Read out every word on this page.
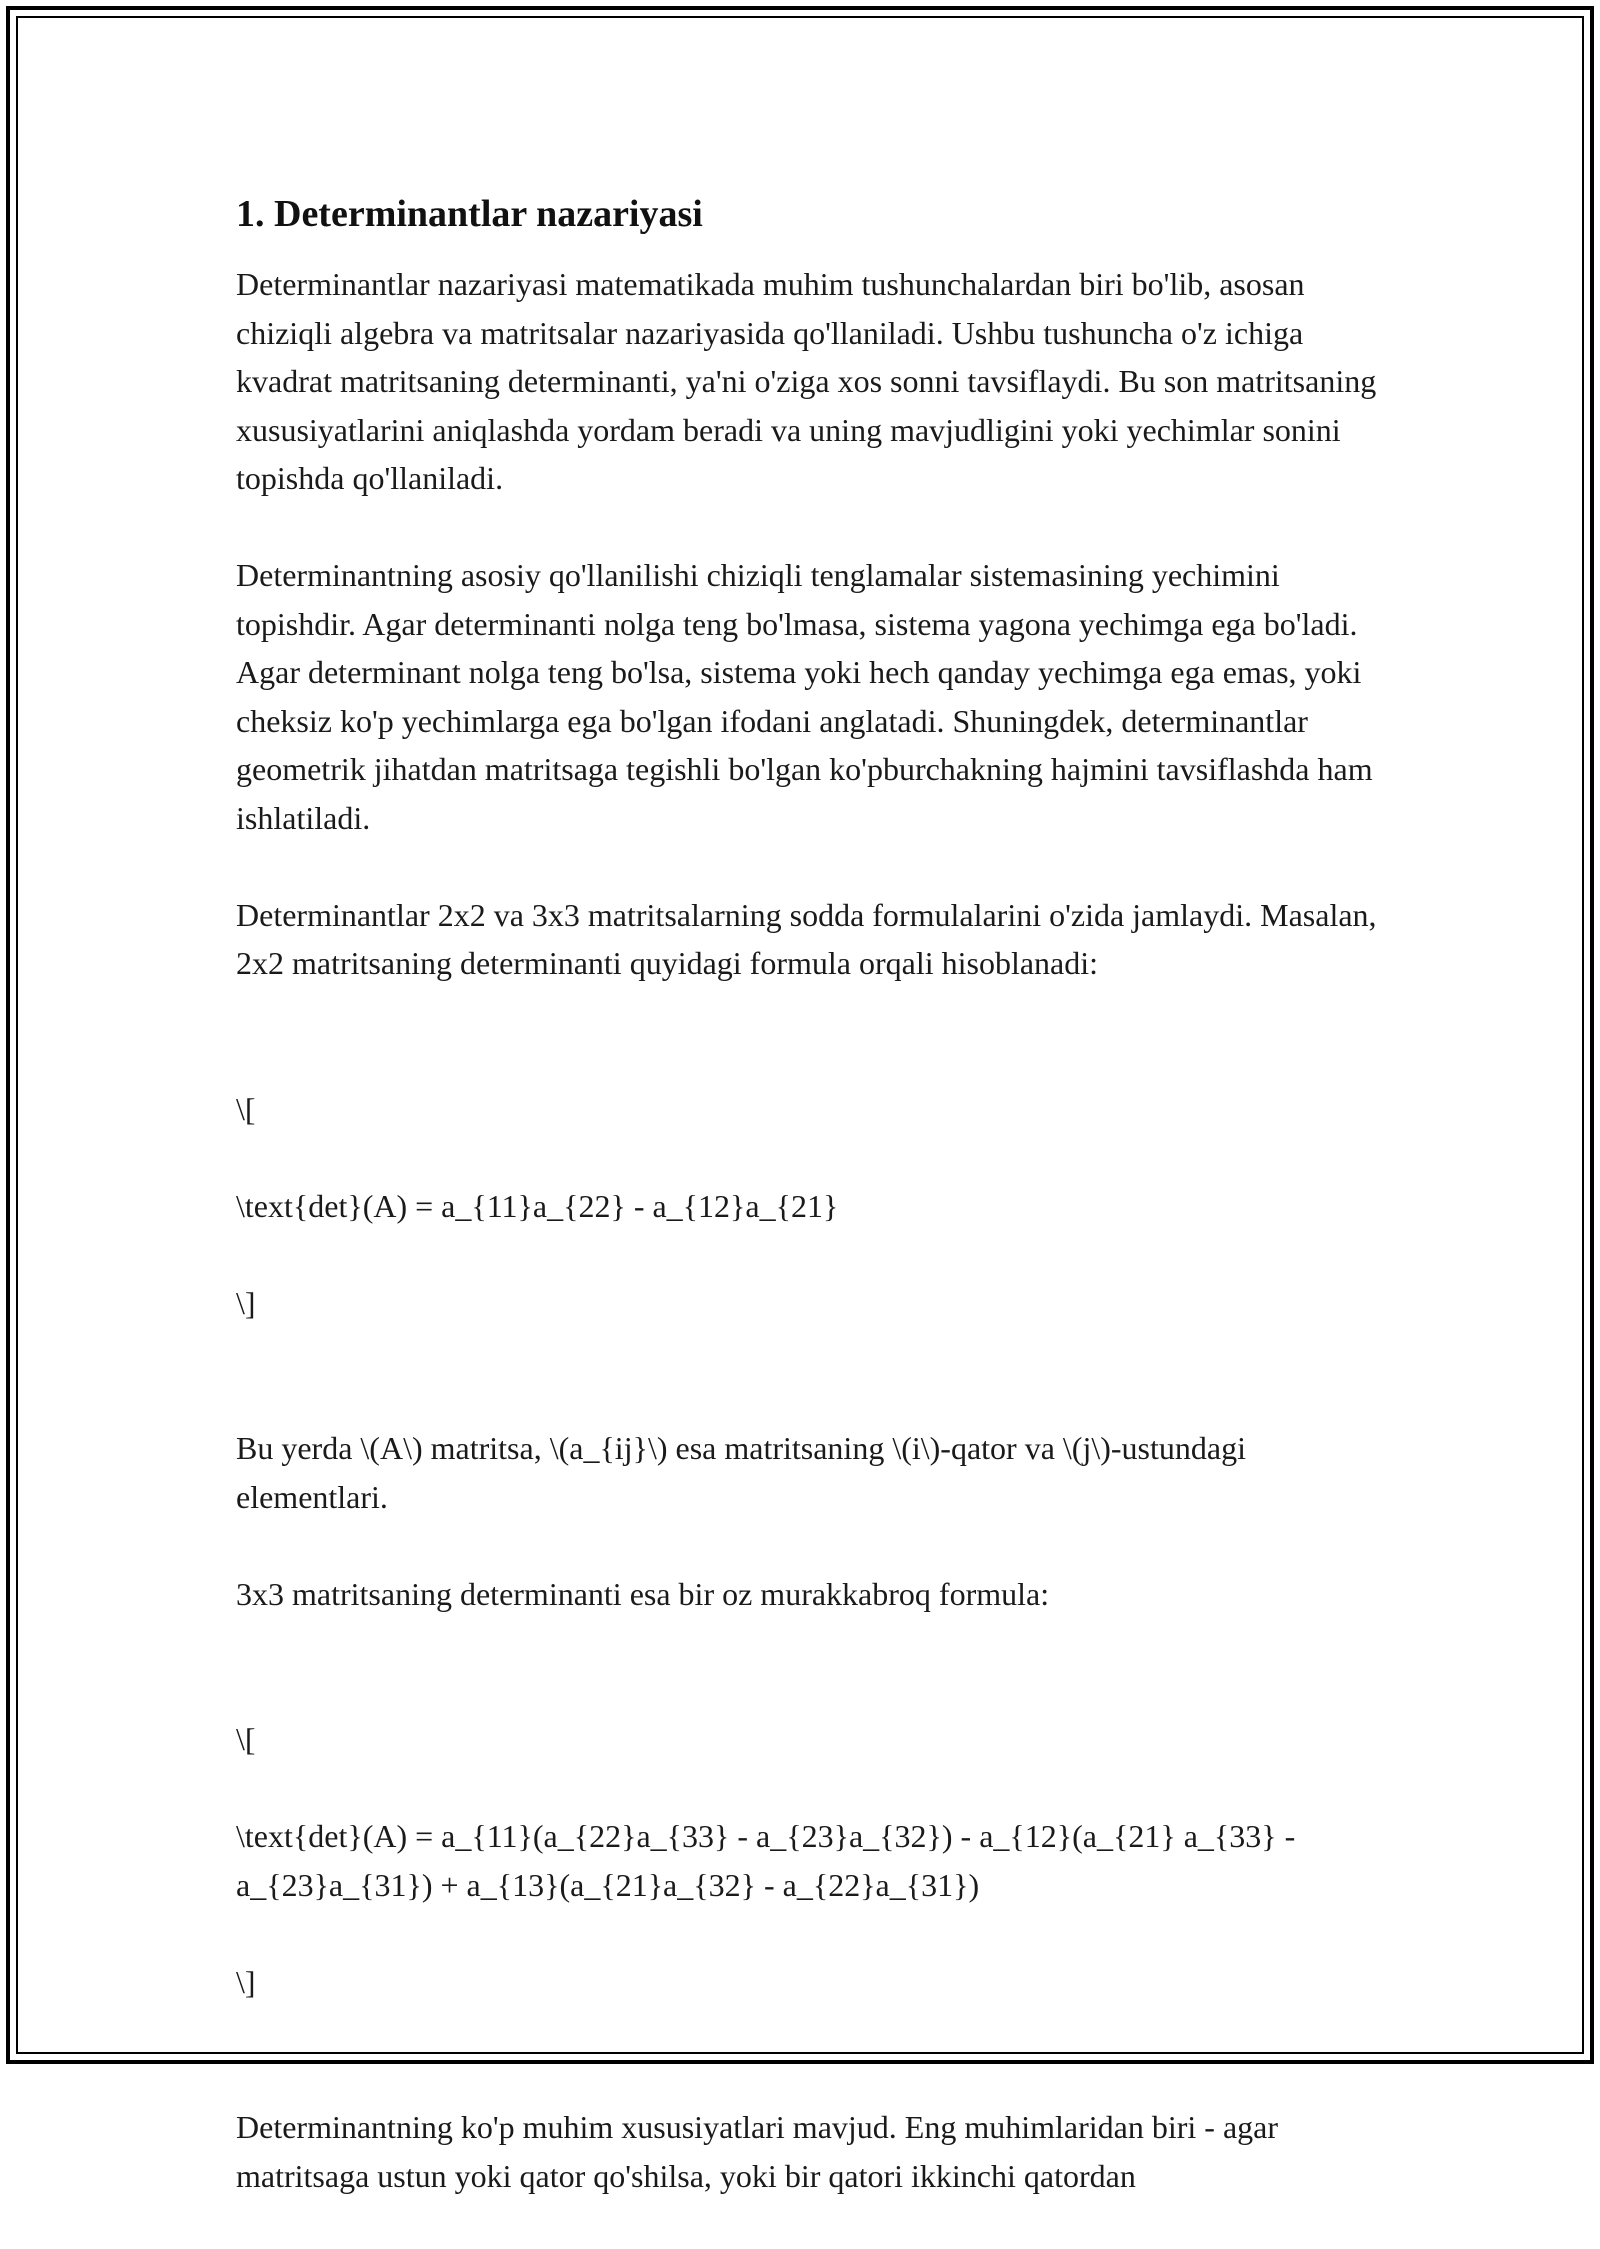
1. Determinantlar nazariyasi

Determinantlar nazariyasi matematikada muhim tushunchalardan biri bo'lib, asosan chiziqli algebra va matritsalar nazariyasida qo'llaniladi. Ushbu tushuncha o'z ichiga kvadrat matritsaning determinanti, ya'ni o'ziga xos sonni tavsiflaydi. Bu son matritsaning xususiyatlarini aniqlashda yordam beradi va uning mavjudligini yoki yechimlar sonini topishda qo'llaniladi.

Determinantning asosiy qo'llanilishi chiziqli tenglamalar sistemasining yechimini topishdir. Agar determinanti nolga teng bo'lmasa, sistema yagona yechimga ega bo'ladi. Agar determinant nolga teng bo'lsa, sistema yoki hech qanday yechimga ega emas, yoki cheksiz ko'p yechimlarga ega bo'lgan ifodani anglatadi. Shuningdek, determinantlar geometrik jihatdan matritsaga tegishli bo'lgan ko'pburchakning hajmini tavsiflashda ham ishlatiladi.

Determinantlar 2x2 va 3x3 matritsalarning sodda formulalarini o'zida jamlaydi. Masalan, 2x2 matritsaning determinanti quyidagi formula orqali hisoblanadi:

\[

\text{det}(A) = a_{11}a_{22} - a_{12}a_{21}

\]

Bu yerda \(A\) matritsa, \(a_{ij}\) esa matritsaning \(i\)-qator va \(j\)-ustundagi elementlari.

3x3 matritsaning determinanti esa bir oz murakkabroq formula:

\[

\text{det}(A) = a_{11}(a_{22}a_{33} - a_{23}a_{32}) - a_{12}(a_{21} a_{33} - a_{23}a_{31}) + a_{13}(a_{21}a_{32} - a_{22}a_{31})

\]

Determinantning ko'p muhim xususiyatlari mavjud. Eng muhimlaridan biri - agar matritsaga ustun yoki qator qo'shilsa, yoki bir qatori ikkinchi qatordan
